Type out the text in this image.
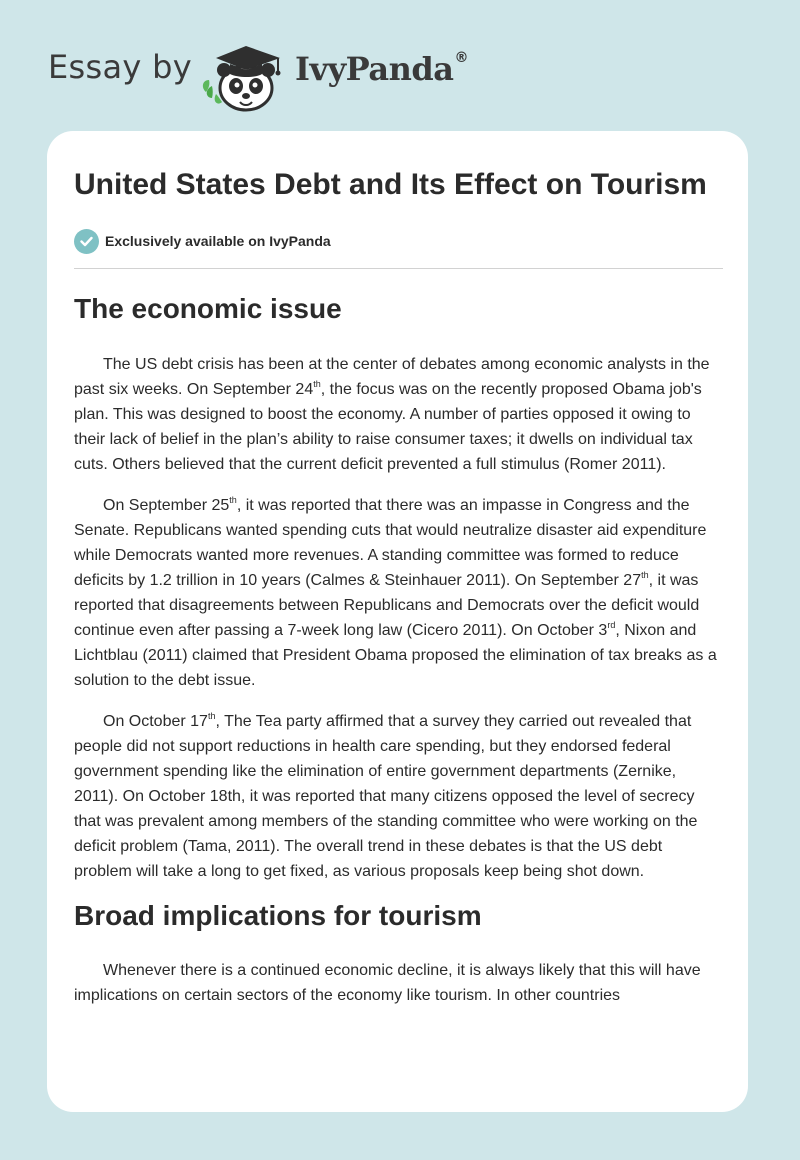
Essay by	IvyPanda®
United States Debt and Its Effect on Tourism
Exclusively available on IvyPanda
The economic issue

The US debt crisis has been at the center of debates among economic analysts in the past six weeks. On September 24th, the focus was on the recently proposed Obama job's plan. This was designed to boost the economy. A number of parties opposed it owing to their lack of belief in the plan’s ability to raise consumer taxes; it dwells on individual tax cuts. Others believed that the current deficit prevented a full stimulus (Romer 2011).

On September 25th, it was reported that there was an impasse in Congress and the Senate. Republicans wanted spending cuts that would neutralize disaster aid expenditure while Democrats wanted more revenues. A standing committee was formed to reduce deficits by 1.2 trillion in 10 years (Calmes & Steinhauer 2011). On September 27th, it was reported that disagreements between Republicans and Democrats over the deficit would continue even after passing a 7-week long law (Cicero 2011). On October 3rd, Nixon and Lichtblau (2011) claimed that President Obama proposed the elimination of tax breaks as a solution to the debt issue.

On October 17th, The Tea party affirmed that a survey they carried out revealed that people did not support reductions in health care spending, but they endorsed federal government spending like the elimination of entire government departments (Zernike, 2011). On October 18th, it was reported that many citizens opposed the level of secrecy that was prevalent among members of the standing committee who were working on the deficit problem (Tama, 2011). The overall trend in these debates is that the US debt problem will take a long to get fixed, as various proposals keep being shot down.

Broad implications for tourism

Whenever there is a continued economic decline, it is always likely that this will have implications on certain sectors of the economy like tourism. In other countries
